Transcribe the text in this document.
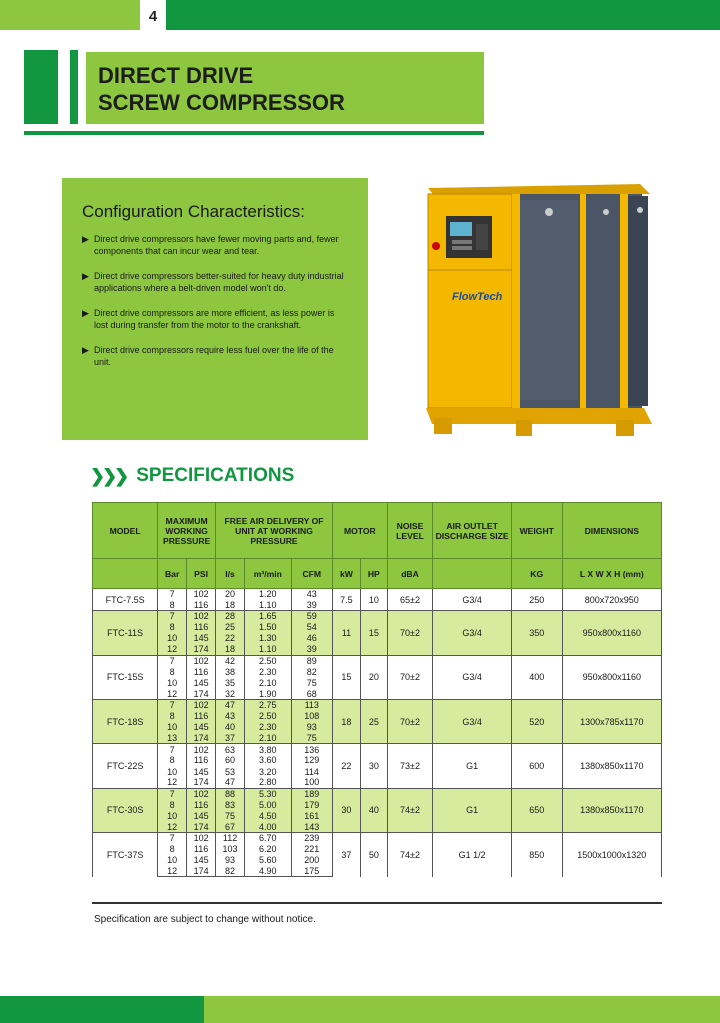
4
DIRECT DRIVE
SCREW COMPRESSOR
Configuration Characteristics:
▶ Direct drive compressors have fewer moving parts and, fewer components that can incur wear and tear.
▶ Direct drive compressors better-suited for heavy duty industrial applications where a belt-driven model won't do.
▶ Direct drive compressors are more efficient, as less power is lost during transfer from the motor to the crankshaft.
▶ Direct drive compressors require less fuel over the life of the unit.
FlowTech
❯❯❯ SPECIFICATIONS
MODEL	MAXIMUM WORKING PRESSURE		FREE AIR DELIVERY OF UNIT AT WORKING PRESSURE			MOTOR		NOISE LEVEL	AIR OUTLET DISCHARGE SIZE	WEIGHT	DIMENSIONS
	Bar	PSI	l/s	m³/min	CFM	kW	HP	dBA		KG	L X W X H (mm)
FTC-7.5S	7	102	20	1.20	43	7.5	10	65±2	G3/4	250	800x720x950
	8	116	18	1.10	39						
FTC-11S	7	102	28	1.65	59	11	15	70±2	G3/4	350	950x800x1160
	8	116	25	1.50	54						
	10	145	22	1.30	46						
	12	174	18	1.10	39						
FTC-15S	7	102	42	2.50	89	15	20	70±2	G3/4	400	950x800x1160
	8	116	38	2.30	82						
	10	145	35	2.10	75						
	12	174	32	1.90	68						
FTC-18S	7	102	47	2.75	113	18	25	70±2	G3/4	520	1300x785x1170
	8	116	43	2.50	108						
	10	145	40	2.30	93						
	13	174	37	2.10	75						
FTC-22S	7	102	63	3.80	136	22	30	73±2	G1	600	1380x850x1170
	8	116	60	3.60	129						
	10	145	53	3.20	114						
	12	174	47	2.80	100						
FTC-30S	7	102	88	5.30	189	30	40	74±2	G1	650	1380x850x1170
	8	116	83	5.00	179						
	10	145	75	4.50	161						
	12	174	67	4.00	143						
FTC-37S	7	102	112	6.70	239	37	50	74±2	G1 1/2	850	1500x1000x1320
	8	116	103	6.20	221						
	10	145	93	5.60	200						
	12	174	82	4.90	175						
Specification are subject to change without notice.
